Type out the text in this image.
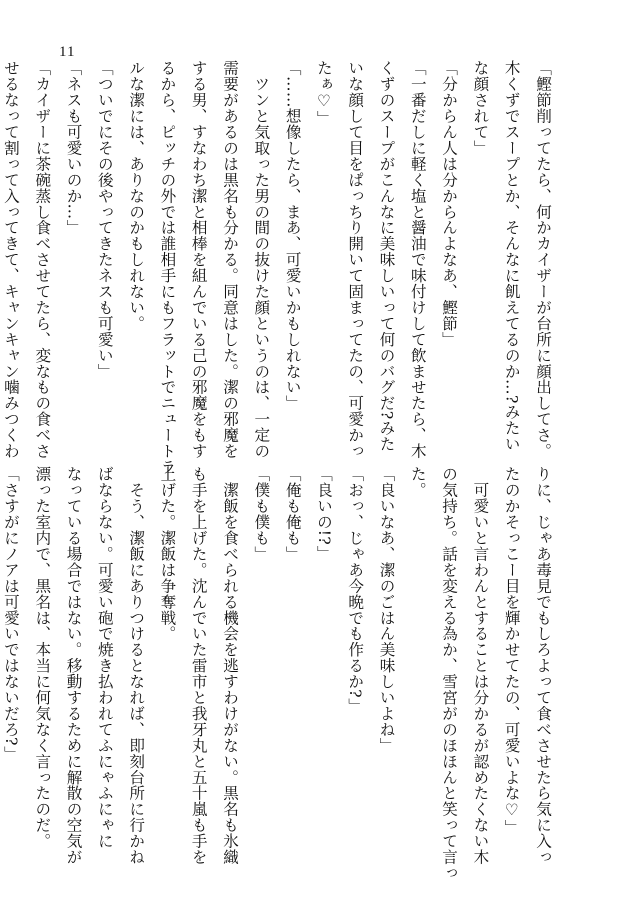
11
「鰹節削ってたら、何かカイザーが台所に顔出してさ。
木くずでスープとか、そんなに飢えてるのか…?みたい
な顔されて」
「分からん人は分からんよなあ、鰹節」
「一番だしに軽く塩と醤油で味付けして飲ませたら、木
くずのスープがこんなに美味しいって何のバグだ?みた
いな顔して目をぱっちり開いて固まってたの、可愛かっ
たぁ♡」
「……想像したら、まあ、可愛いかもしれない」
　ツンと気取った男の間の抜けた顔というのは、一定の
需要があるのは黒名も分かる。同意はした。潔の邪魔を
する男、すなわち潔と相棒を組んでいる己の邪魔をもす
るから、ピッチの外では誰相手にもフラットでニュートラ
ルな潔には、ありなのかもしれない。
「ついでにその後やってきたネスも可愛い」
「ネスも可愛いのか…」
「カイザーに茶碗蒸し食べさせてたら、変なもの食べさ
せるなって割って入ってきて、キャンキャン噛みつくわ
りに、じゃあ毒見でもしろよって食べさせたら気に入っ
たのかそっこー目を輝かせてたの、可愛いよな♡」
　可愛いと言わんとすることは分かるが認めたくない木
の気持ち。話を変える為か、雪宮がのほほんと笑って言っ
た。
「良いなあ、潔のごはん美味しいよね」
「おっ、じゃあ今晩でも作るか?」
「良いの!?」
「俺も俺も」
「僕も僕も」
　潔飯を食べられる機会を逃すわけがない。黒名も氷織
も手を上げた。沈んでいた雷市と我牙丸と五十嵐も手を
上げた。潔飯は争奪戦。
　そう、潔飯にありつけるとなれば、即刻台所に行かね
ばならない。可愛い砲で焼き払われてふにゃふにゃに
なっている場合ではない。移動するために解散の空気が
漂った室内で、黒名は、本当に何気なく言ったのだ。
「さすがにノアは可愛いではないだろ?」
